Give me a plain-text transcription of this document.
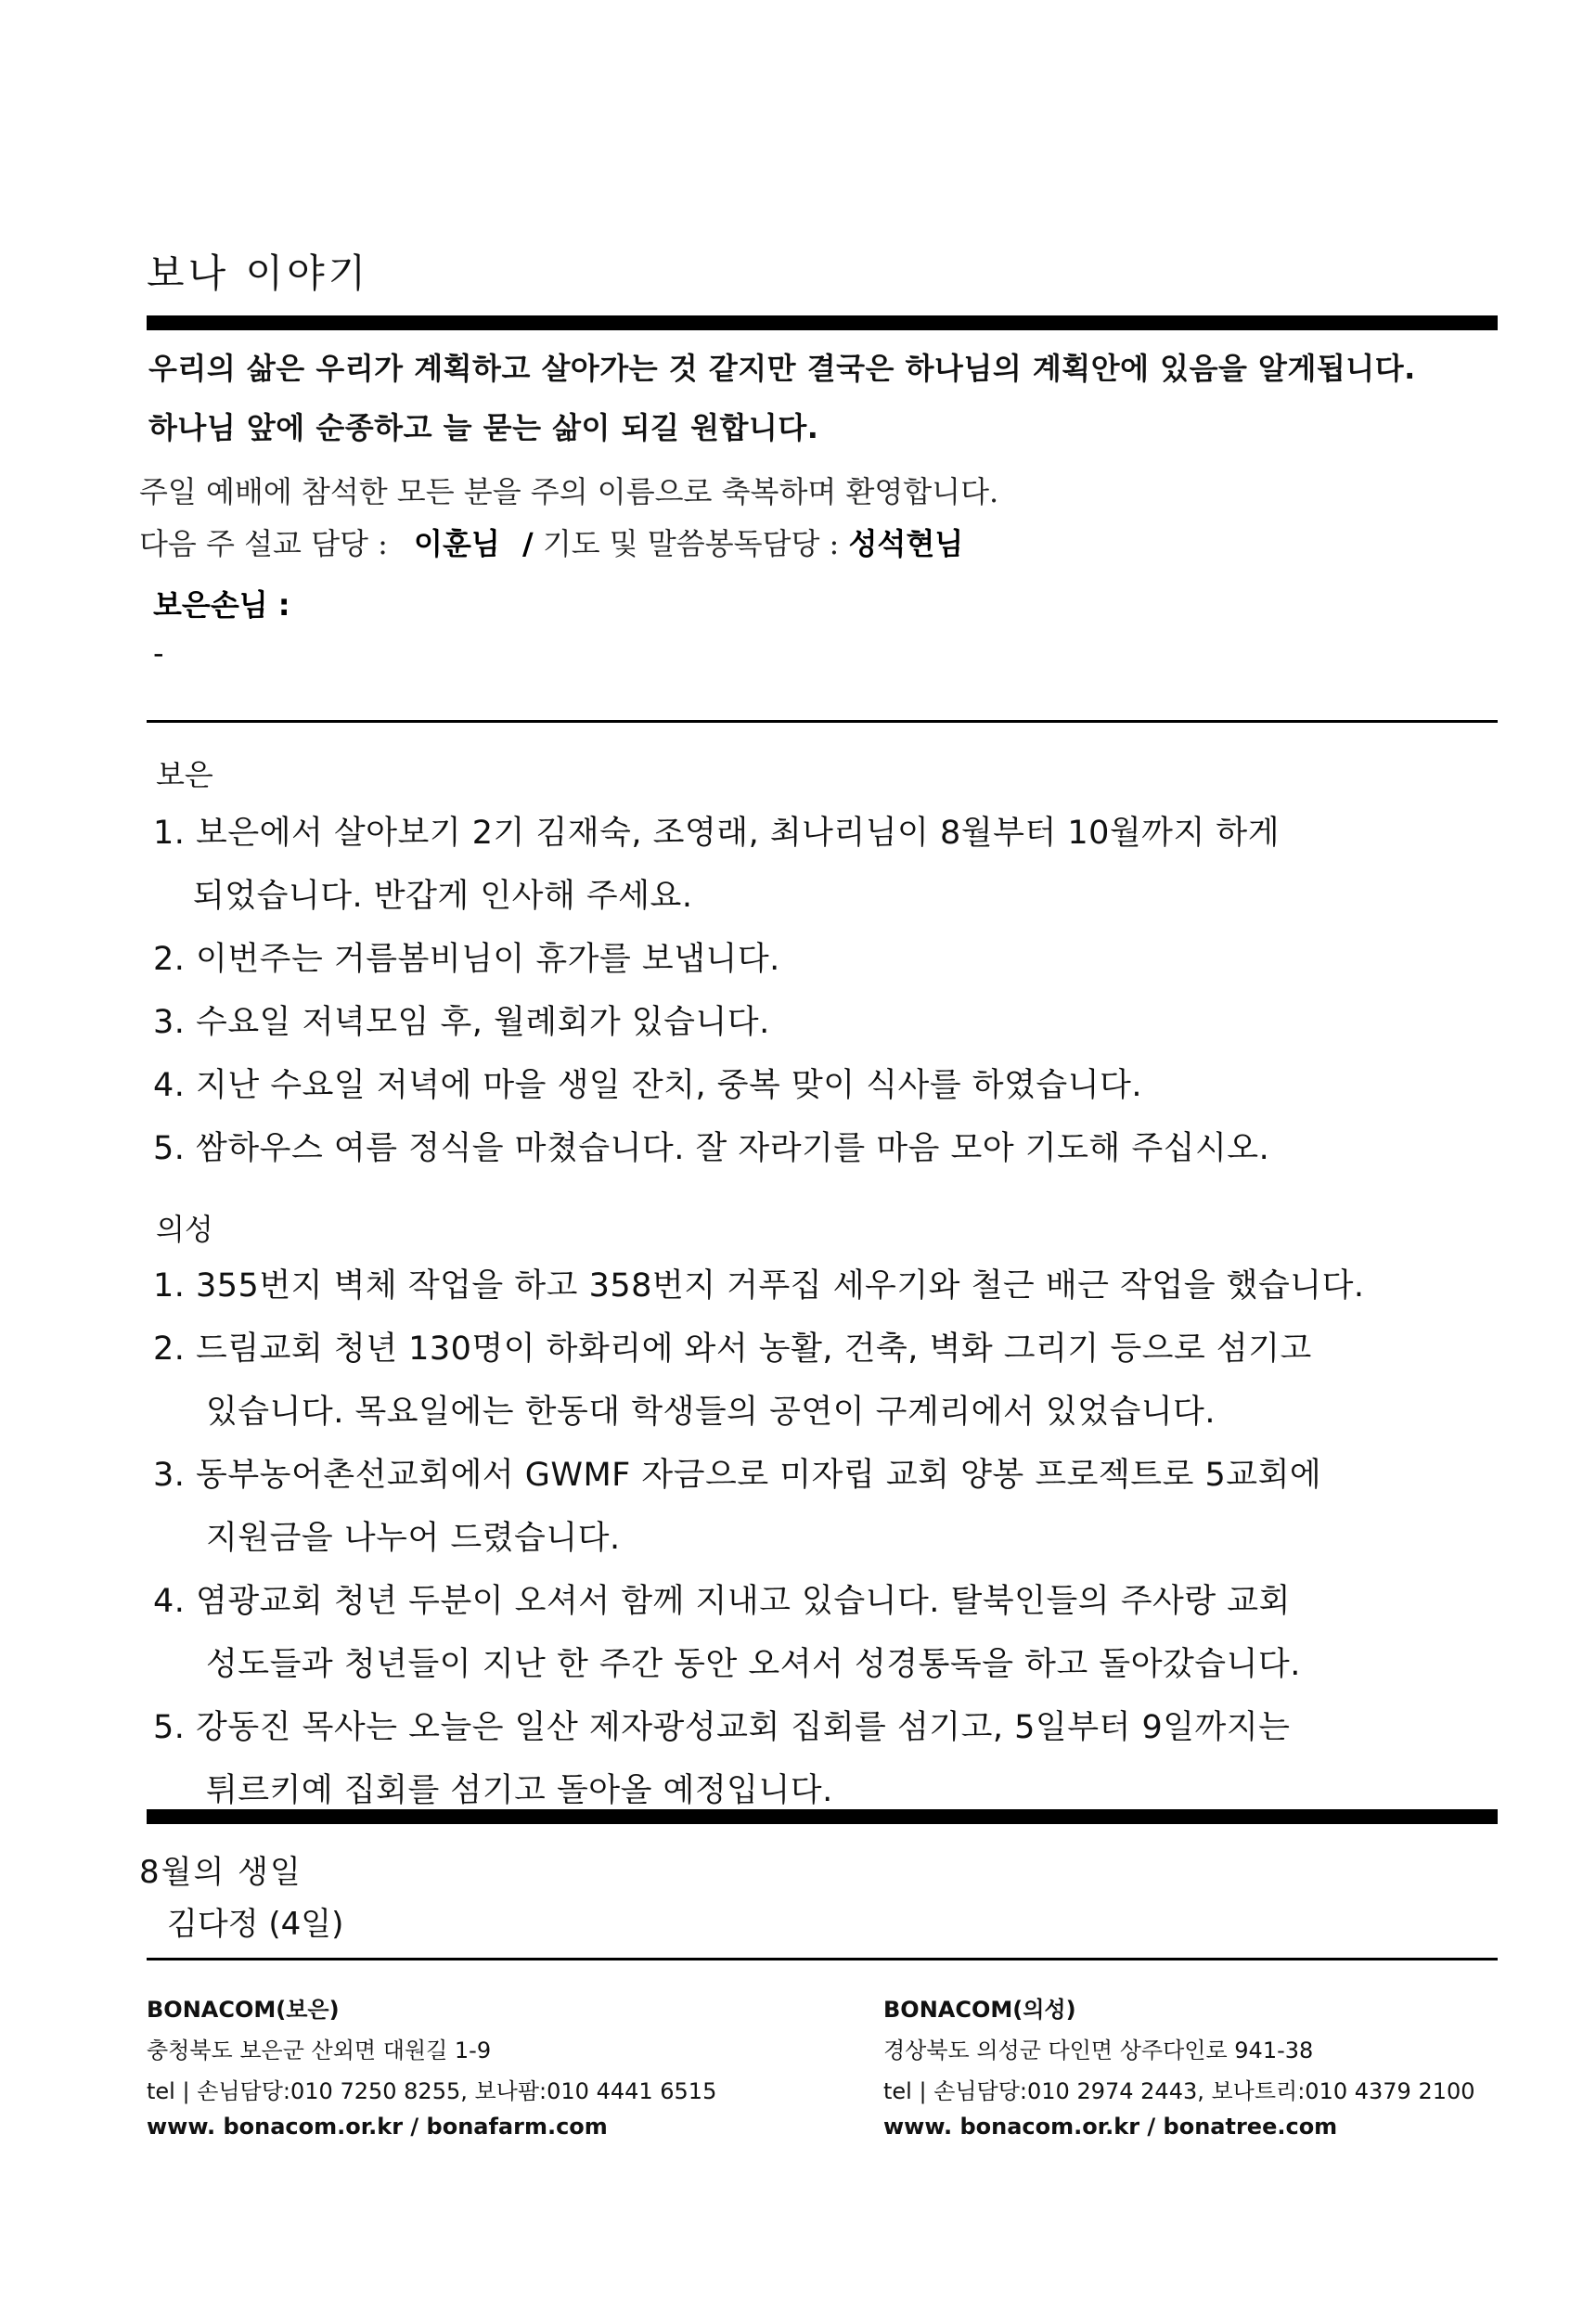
보나 이야기
우리의 삶은 우리가 계획하고 살아가는 것 같지만 결국은 하나님의 계획안에 있음을 알게됩니다.
하나님 앞에 순종하고 늘 묻는 삶이 되길 원합니다.
주일 예배에 참석한 모든 분을 주의 이름으로 축복하며 환영합니다.
다음 주 설교 담당 : 이훈님 / 기도 및 말씀봉독담당 : 성석현님
보은손님 :
-
보은
1. 보은에서 살아보기 2기 김재숙, 조영래, 최나리님이 8월부터 10월까지 하게
되었습니다. 반갑게 인사해 주세요.
2. 이번주는 거름봄비님이 휴가를 보냅니다.
3. 수요일 저녁모임 후, 월례회가 있습니다.
4. 지난 수요일 저녁에 마을 생일 잔치, 중복 맞이 식사를 하였습니다.
5. 쌈하우스 여름 정식을 마쳤습니다. 잘 자라기를 마음 모아 기도해 주십시오.
의성
1. 355번지 벽체 작업을 하고 358번지 거푸집 세우기와 철근 배근 작업을 했습니다.
2. 드림교회 청년 130명이 하화리에 와서 농활, 건축, 벽화 그리기 등으로 섬기고
있습니다. 목요일에는 한동대 학생들의 공연이 구계리에서 있었습니다.
3. 동부농어촌선교회에서 GWMF 자금으로 미자립 교회 양봉 프로젝트로 5교회에
지원금을 나누어 드렸습니다.
4. 염광교회 청년 두분이 오셔서 함께 지내고 있습니다. 탈북인들의 주사랑 교회
성도들과 청년들이 지난 한 주간 동안 오셔서 성경통독을 하고 돌아갔습니다.
5. 강동진 목사는 오늘은 일산 제자광성교회 집회를 섬기고, 5일부터 9일까지는
튀르키예 집회를 섬기고 돌아올 예정입니다.
8월의 생일
김다정 (4일)
BONACOM(보은)
충청북도 보은군 산외면 대원길 1-9
tel | 손님담당:010 7250 8255, 보나팜:010 4441 6515
www. bonacom.or.kr / bonafarm.com
BONACOM(의성)
경상북도 의성군 다인면 상주다인로 941-38
tel | 손님담당:010 2974 2443, 보나트리:010 4379 2100
www. bonacom.or.kr / bonatree.com
